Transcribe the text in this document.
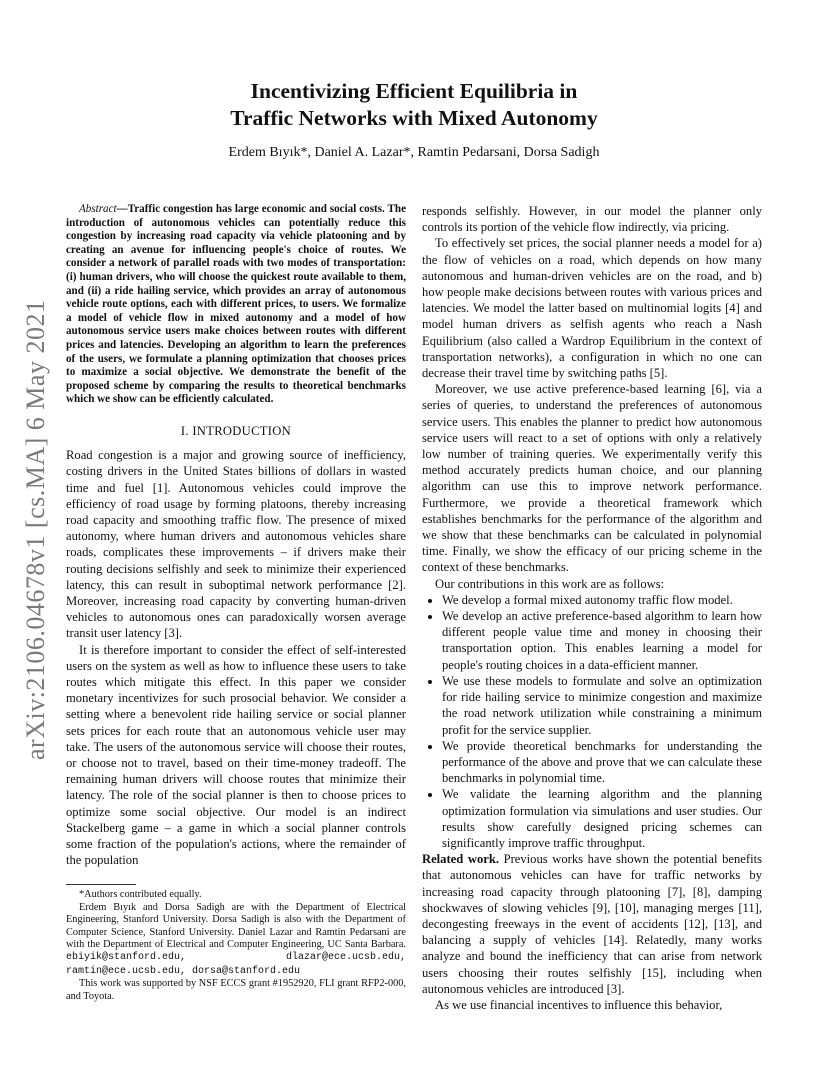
arXiv:2106.04678v1 [cs.MA] 6 May 2021
Incentivizing Efficient Equilibria in
Traffic Networks with Mixed Autonomy
Erdem Bıyık*, Daniel A. Lazar*, Ramtin Pedarsani, Dorsa Sadigh

Abstract—Traffic congestion has large economic and social costs. The introduction of autonomous vehicles can potentially reduce this congestion by increasing road capacity via vehicle platooning and by creating an avenue for influencing people's choice of routes. We consider a network of parallel roads with two modes of transportation: (i) human drivers, who will choose the quickest route available to them, and (ii) a ride hailing service, which provides an array of autonomous vehicle route options, each with different prices, to users. We formalize a model of vehicle flow in mixed autonomy and a model of how autonomous service users make choices between routes with different prices and latencies. Developing an algorithm to learn the preferences of the users, we formulate a planning optimization that chooses prices to maximize a social objective. We demonstrate the benefit of the proposed scheme by comparing the results to theoretical benchmarks which we show can be efficiently calculated.

I. INTRODUCTION

Road congestion is a major and growing source of inefficiency, costing drivers in the United States billions of dollars in wasted time and fuel [1]. Autonomous vehicles could improve the efficiency of road usage by forming platoons, thereby increasing road capacity and smoothing traffic flow. The presence of mixed autonomy, where human drivers and autonomous vehicles share roads, complicates these improvements – if drivers make their routing decisions selfishly and seek to minimize their experienced latency, this can result in suboptimal network performance [2]. Moreover, increasing road capacity by converting human-driven vehicles to autonomous ones can paradoxically worsen average transit user latency [3].

It is therefore important to consider the effect of self-interested users on the system as well as how to influence these users to take routes which mitigate this effect. In this paper we consider monetary incentivizes for such prosocial behavior. We consider a setting where a benevolent ride hailing service or social planner sets prices for each route that an autonomous vehicle user may take. The users of the autonomous service will choose their routes, or choose not to travel, based on their time-money tradeoff. The remaining human drivers will choose routes that minimize their latency. The role of the social planner is then to choose prices to optimize some social objective. Our model is an indirect Stackelberg game – a game in which a social planner controls some fraction of the population's actions, where the remainder of the population

*Authors contributed equally.

Erdem Bıyık and Dorsa Sadigh are with the Department of Electrical Engineering, Stanford University. Dorsa Sadigh is also with the Department of Computer Science, Stanford University. Daniel Lazar and Ramtin Pedarsani are with the Department of Electrical and Computer Engineering, UC Santa Barbara. ebiyik@stanford.edu, dlazar@ece.ucsb.edu, ramtin@ece.ucsb.edu, dorsa@stanford.edu

This work was supported by NSF ECCS grant #1952920, FLI grant RFP2-000, and Toyota.

responds selfishly. However, in our model the planner only controls its portion of the vehicle flow indirectly, via pricing.

To effectively set prices, the social planner needs a model for a) the flow of vehicles on a road, which depends on how many autonomous and human-driven vehicles are on the road, and b) how people make decisions between routes with various prices and latencies. We model the latter based on multinomial logits [4] and model human drivers as selfish agents who reach a Nash Equilibrium (also called a Wardrop Equilibrium in the context of transportation networks), a configuration in which no one can decrease their travel time by switching paths [5].

Moreover, we use active preference-based learning [6], via a series of queries, to understand the preferences of autonomous service users. This enables the planner to predict how autonomous service users will react to a set of options with only a relatively low number of training queries. We experimentally verify this method accurately predicts human choice, and our planning algorithm can use this to improve network performance. Furthermore, we provide a theoretical framework which establishes benchmarks for the performance of the algorithm and we show that these benchmarks can be calculated in polynomial time. Finally, we show the efficacy of our pricing scheme in the context of these benchmarks.

Our contributions in this work are as follows:

• We develop a formal mixed autonomy traffic flow model.
• We develop an active preference-based algorithm to learn how different people value time and money in choosing their transportation option. This enables learning a model for people's routing choices in a data-efficient manner.
• We use these models to formulate and solve an optimization for ride hailing service to minimize congestion and maximize the road network utilization while constraining a minimum profit for the service supplier.
• We provide theoretical benchmarks for understanding the performance of the above and prove that we can calculate these benchmarks in polynomial time.
• We validate the learning algorithm and the planning optimization formulation via simulations and user studies. Our results show carefully designed pricing schemes can significantly improve traffic throughput.

Related work. Previous works have shown the potential benefits that autonomous vehicles can have for traffic networks by increasing road capacity through platooning [7], [8], damping shockwaves of slowing vehicles [9], [10], managing merges [11], decongesting freeways in the event of accidents [12], [13], and balancing a supply of vehicles [14]. Relatedly, many works analyze and bound the inefficiency that can arise from network users choosing their routes selfishly [15], including when autonomous vehicles are introduced [3].

As we use financial incentives to influence this behavior,
